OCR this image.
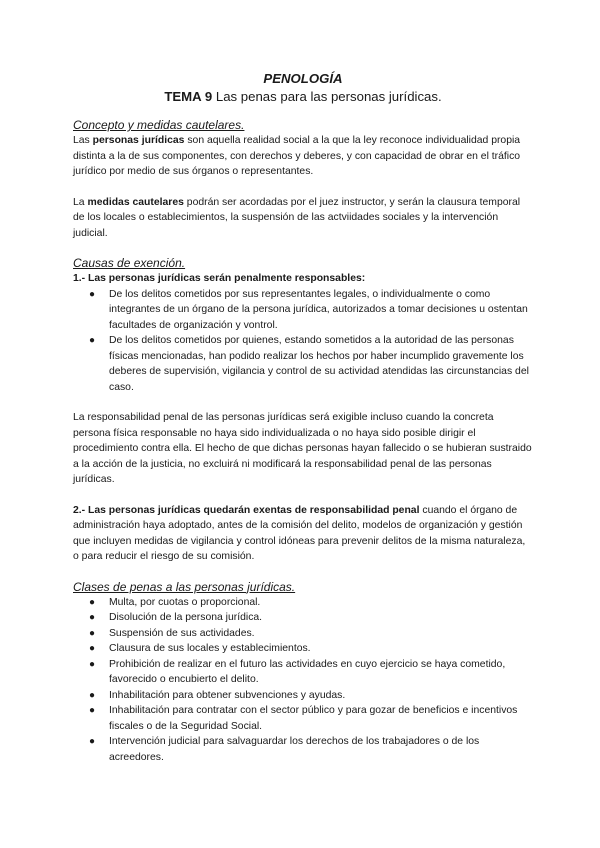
PENOLOGÍA
TEMA 9 Las penas para las personas jurídicas.
Concepto y medidas cautelares.

Las personas jurídicas son aquella realidad social a la que la ley reconoce individualidad propia distinta a la de sus componentes, con derechos y deberes, y con capacidad de obrar en el tráfico jurídico por medio de sus órganos o representantes.

La medidas cautelares podrán ser acordadas por el juez instructor, y serán la clausura temporal de los locales o establecimientos, la suspensión de las actviidades sociales y la intervención judicial.

Causas de exención.

1.- Las personas jurídicas serán penalmente responsables:

● De los delitos cometidos por sus representantes legales, o individualmente o como integrantes de un órgano de la persona jurídica, autorizados a tomar decisiones u ostentan facultades de organización y vontrol.
● De los delitos cometidos por quienes, estando sometidos a la autoridad de las personas físicas mencionadas, han podido realizar los hechos por haber incumplido gravemente los deberes de supervisión, vigilancia y control de su actividad atendidas las circunstancias del caso.

La responsabilidad penal de las personas jurídicas será exigible incluso cuando la concreta persona física responsable no haya sido individualizada o no haya sido posible dirigir el procedimiento contra ella. El hecho de que dichas personas hayan fallecido o se hubieran sustraido a la acción de la justicia, no excluirá ni modificará la responsabilidad penal de las personas jurídicas.

2.- Las personas jurídicas quedarán exentas de responsabilidad penal cuando el órgano de administración haya adoptado, antes de la comisión del delito, modelos de organización y gestión que incluyen medidas de vigilancia y control idóneas para prevenir delitos de la misma naturaleza, o para reducir el riesgo de su comisión.

Clases de penas a las personas jurídicas.
● Multa, por cuotas o proporcional.
● Disolución de la persona jurídica.
● Suspensión de sus actividades.
● Clausura de sus locales y establecimientos.
● Prohibición de realizar en el futuro las actividades en cuyo ejercicio se haya cometido, favorecido o encubierto el delito.
● Inhabilitación para obtener subvenciones y ayudas.
● Inhabilitación para contratar con el sector público y para gozar de beneficios e incentivos fiscales o de la Seguridad Social.
● Intervención judicial para salvaguardar los derechos de los trabajadores o de los acreedores.
